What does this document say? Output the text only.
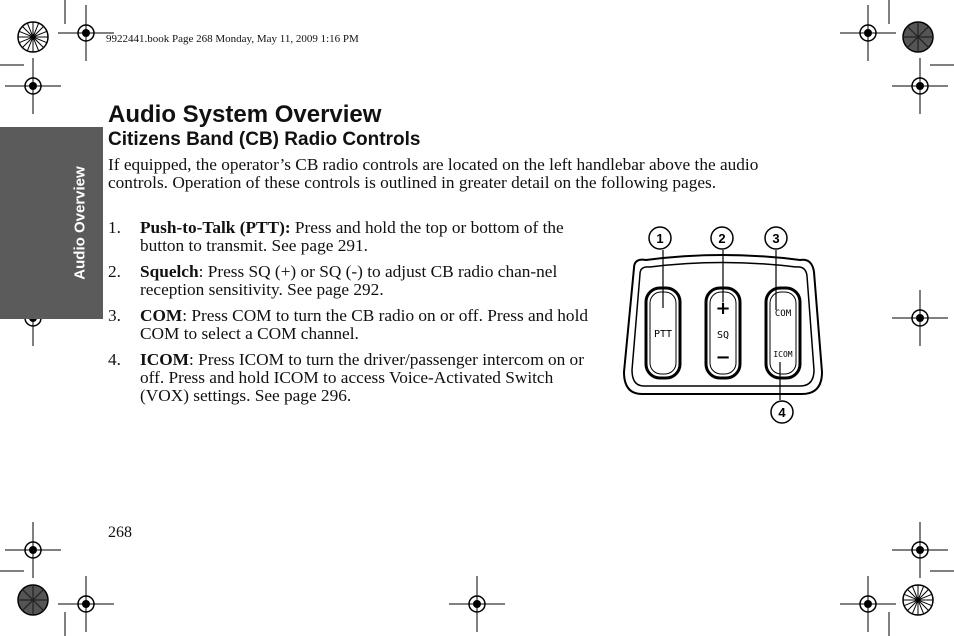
9922441.book Page 268 Monday, May 11, 2009 1:16 PM
Audio Overview
Audio System Overview
Citizens Band (CB) Radio Controls
If equipped, the operator’s CB radio controls are located on the left handlebar above the audio controls. Operation of these controls is outlined in greater detail on the following pages.
1. Push-to-Talk (PTT): Press and hold the top or bottom of the button to transmit. See page 291.
2. Squelch: Press SQ (+) or SQ (-) to adjust CB radio chan-nel reception sensitivity. See page 292.
3. COM: Press COM to turn the CB radio on or off. Press and hold COM to select a COM channel.
4. ICOM: Press ICOM to turn the driver/passenger intercom on or off. Press and hold ICOM to access Voice-Activated Switch (VOX) settings. See page 296.
PTT
+
SQ
−
COM
ICOM
1	2	3
4
268
